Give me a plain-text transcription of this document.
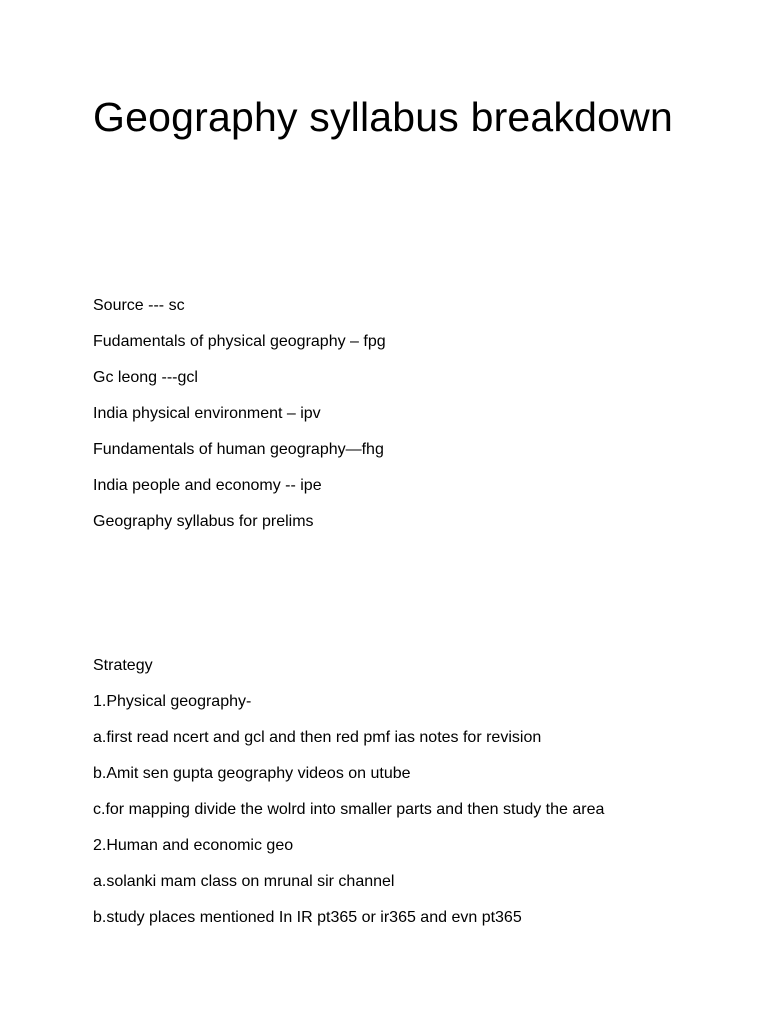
Geography syllabus breakdown

Source --- sc

Fudamentals of physical geography – fpg

Gc leong ---gcl

India physical environment – ipv

Fundamentals of human geography—fhg

India people and economy -- ipe

Geography syllabus for prelims

Strategy

1.Physical geography-

a.first read ncert and gcl and then red pmf ias notes for revision

b.Amit sen gupta geography videos on utube

c.for mapping divide the wolrd into smaller parts and then study the area

2.Human and economic geo

a.solanki mam class on mrunal sir channel

b.study places mentioned In IR pt365 or ir365 and evn pt365
